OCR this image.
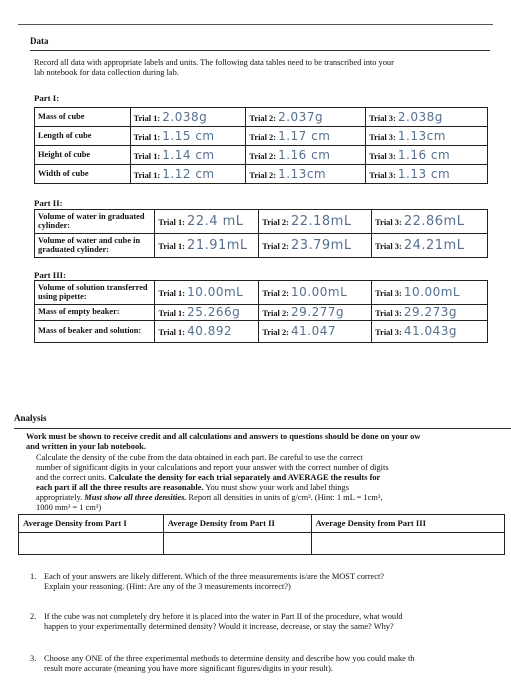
Data
Record all data with appropriate labels and units. The following data tables need to be transcribed into your
lab notebook for data collection during lab.
Part I:
Mass of cube	Trial 1: 2.038g	Trial 2: 2.037g	Trial 3: 2.038g
Length of cube	Trial 1: 1.15 cm	Trial 2: 1.17 cm	Trial 3: 1.13cm
Height of cube	Trial 1: 1.14 cm	Trial 2: 1.16 cm	Trial 3: 1.16 cm
Width of cube	Trial 1: 1.12 cm	Trial 2: 1.13cm	Trial 3: 1.13 cm
Part II:
Volume of water in graduated cylinder:	Trial 1: 22.4 mL	Trial 2: 22.18mL	Trial 3: 22.86mL
Volume of water and cube in graduated cylinder:	Trial 1: 21.91mL	Trial 2: 23.79mL	Trial 3: 24.21mL
Part III:
Volume of solution transferred using pipette:	Trial 1: 10.00mL	Trial 2: 10.00mL	Trial 3: 10.00mL
Mass of empty beaker:	Trial 1: 25.266g	Trial 2: 29.277g	Trial 3: 29.273g
Mass of beaker and solution:	Trial 1: 40.892	Trial 2: 41.047	Trial 3: 41.043g
Analysis
Work must be shown to receive credit and all calculations and answers to questions should be done on your ow
and written in your lab notebook.
Calculate the density of the cube from the data obtained in each part. Be careful to use the correct
number of significant digits in your calculations and report your answer with the correct number of digits
and the correct units. Calculate the density for each trial separately and AVERAGE the results for
each part if all the three results are reasonable. You must show your work and label things
appropriately. Must show all three densities. Report all densities in units of g/cm³. (Hint: 1 mL = 1cm³,
1000 mm³ = 1 cm³)
Average Density from Part I	Average Density from Part II	Average Density from Part III

1. Each of your answers are likely different. Which of the three measurements is/are the MOST correct?
Explain your reasoning. (Hint: Are any of the 3 measurements incorrect?)
2. If the cube was not completely dry before it is placed into the water in Part II of the procedure, what would
happen to your experimentally determined density? Would it increase, decrease, or stay the same? Why?
3. Choose any ONE of the three experimental methods to determine density and describe how you could make th
result more accurate (meaning you have more significant figures/digits in your result).
